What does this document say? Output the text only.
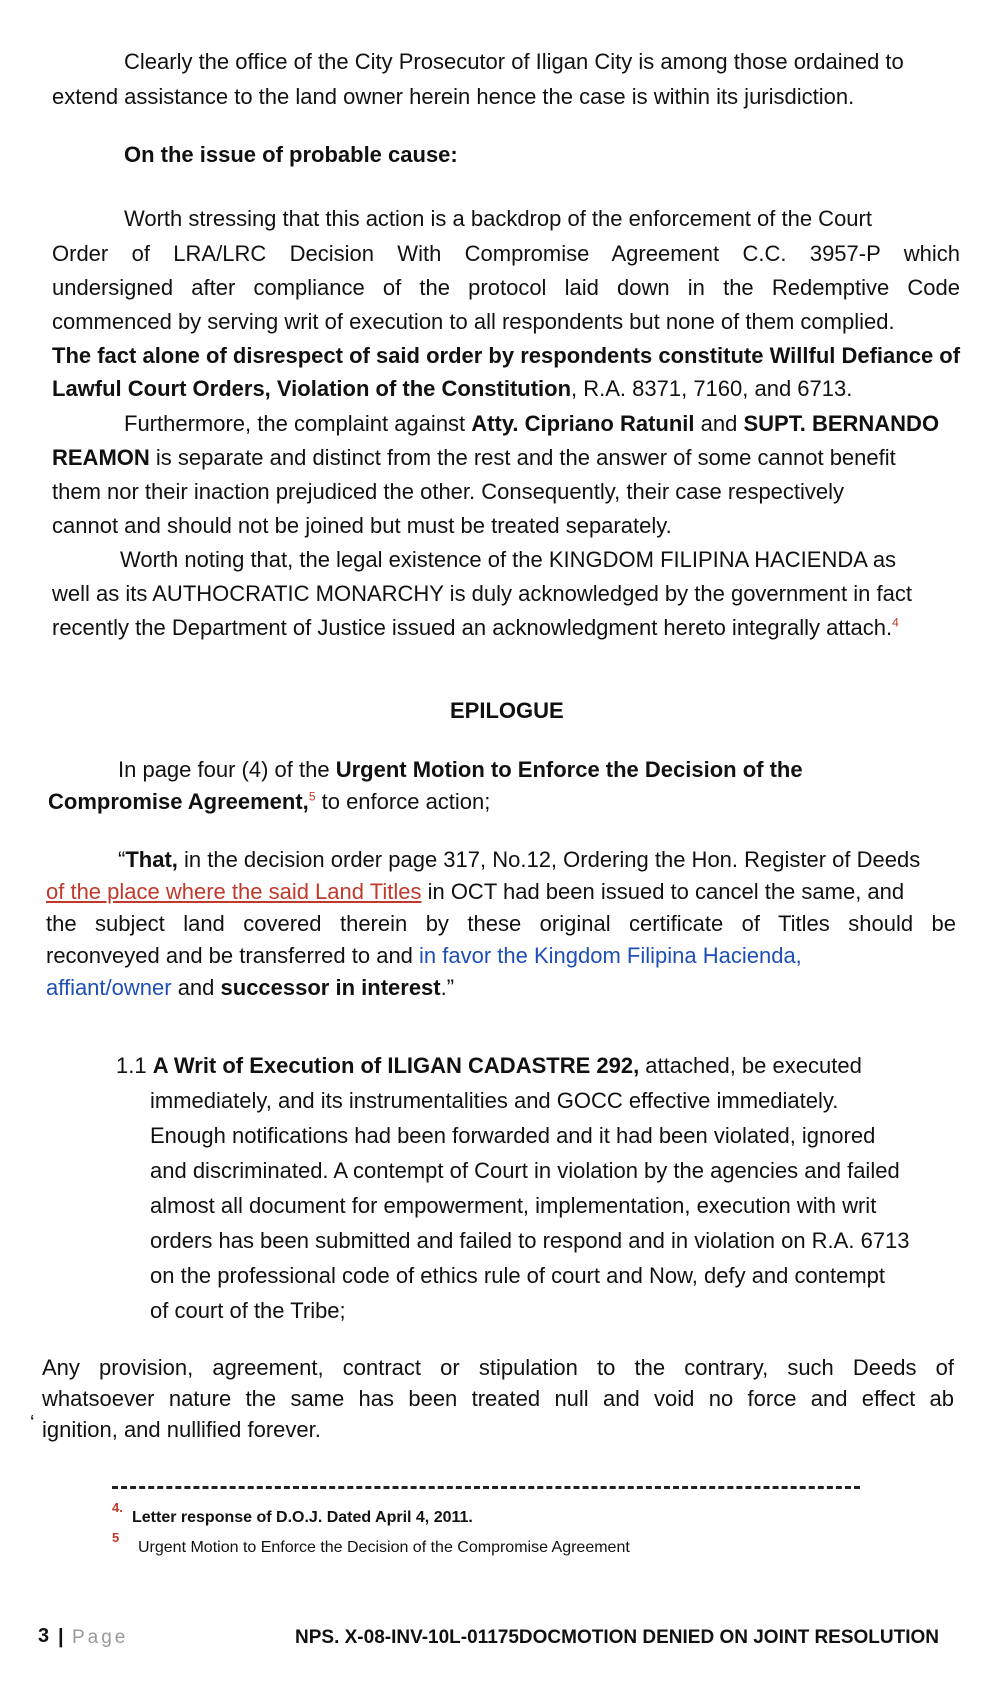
Clearly the office of the City Prosecutor of Iligan City is among those ordained to
extend assistance to the land owner herein hence the case is within its jurisdiction.
On the issue of probable cause:
Worth stressing that this action is a backdrop of the enforcement of the Court
Order of LRA/LRC Decision With Compromise Agreement C.C. 3957-P which
undersigned after compliance of the protocol laid down in the Redemptive Code
commenced by serving writ of execution to all respondents but none of them complied.
The fact alone of disrespect of said order by respondents constitute Willful Defiance of
Lawful Court Orders, Violation of the Constitution, R.A. 8371, 7160, and 6713.
Furthermore, the complaint against Atty. Cipriano Ratunil and SUPT. BERNANDO
REAMON is separate and distinct from the rest and the answer of some cannot benefit
them nor their inaction prejudiced the other. Consequently, their case respectively
cannot and should not be joined but must be treated separately.
Worth noting that, the legal existence of the KINGDOM FILIPINA HACIENDA as
well as its AUTHOCRATIC MONARCHY is duly acknowledged by the government in fact
recently the Department of Justice issued an acknowledgment hereto integrally attach.$^4$
EPILOGUE
In page four (4) of the Urgent Motion to Enforce the Decision of the
Compromise Agreement,$^5$ to enforce action;
“That, in the decision order page 317, No.12, Ordering the Hon. Register of Deeds
of the place where the said Land Titles in OCT had been issued to cancel the same, and
the subject land covered therein by these original certificate of Titles should be
reconveyed and be transferred to and in favor the Kingdom Filipina Hacienda,
affiant/owner and successor in interest.”
1.1 A Writ of Execution of ILIGAN CADASTRE 292, attached, be executed
immediately, and its instrumentalities and GOCC effective immediately.
Enough notifications had been forwarded and it had been violated, ignored
and discriminated. A contempt of Court in violation by the agencies and failed
almost all document for empowerment, implementation, execution with writ
orders has been submitted and failed to respond and in violation on R.A. 6713
on the professional code of ethics rule of court and Now, defy and contempt
of court of the Tribe;
Any provision, agreement, contract or stipulation to the contrary, such Deeds of
whatsoever nature the same has been treated null and void no force and effect ab
‘ ignition, and nullified forever.
4.
Letter response of D.O.J. Dated April 4, 2011.
5
Urgent Motion to Enforce the Decision of the Compromise Agreement
3 | Page	NPS. X-08-INV-10L-01175DOCMOTION DENIED ON JOINT RESOLUTION
